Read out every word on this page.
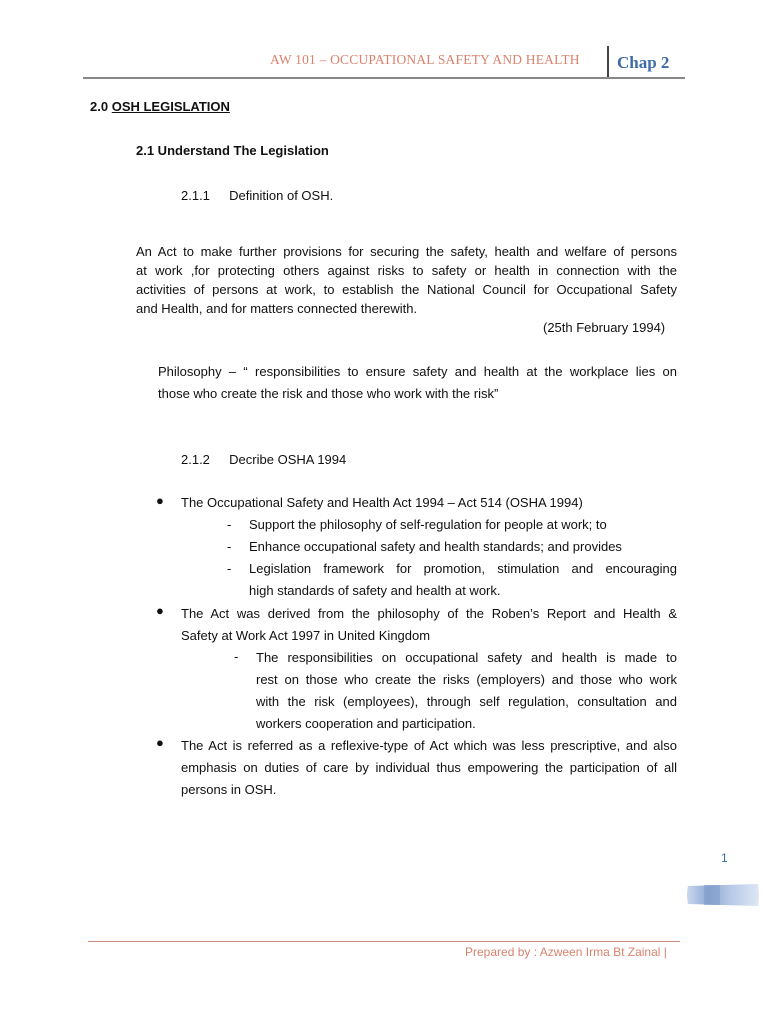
AW 101 – OCCUPATIONAL SAFETY AND HEALTH Chap 2
2.0 OSH LEGISLATION
2.1 Understand The Legislation
2.1.1 Definition of OSH.
An Act to make further provisions for securing the safety, health and welfare of persons
at work ,for protecting others against risks to safety or health in connection with the
activities of persons at work, to establish the National Council for Occupational Safety
and Health, and for matters connected therewith.
(25th February 1994)
Philosophy – “ responsibilities to ensure safety and health at the workplace lies on
those who create the risk and those who work with the risk”
2.1.2 Decribe OSHA 1994
● The Occupational Safety and Health Act 1994 – Act 514 (OSHA 1994)
- Support the philosophy of self-regulation for people at work; to
- Enhance occupational safety and health standards; and provides
- Legislation framework for promotion, stimulation and encouraging
high standards of safety and health at work.
● The Act was derived from the philosophy of the Roben’s Report and Health &
Safety at Work Act 1997 in United Kingdom
- The responsibilities on occupational safety and health is made to
rest on those who create the risks (employers) and those who work
with the risk (employees), through self regulation, consultation and
workers cooperation and participation.
● The Act is referred as a reflexive-type of Act which was less prescriptive, and also
emphasis on duties of care by individual thus empowering the participation of all
persons in OSH.
1
Prepared by : Azween Irma Bt Zainal |
